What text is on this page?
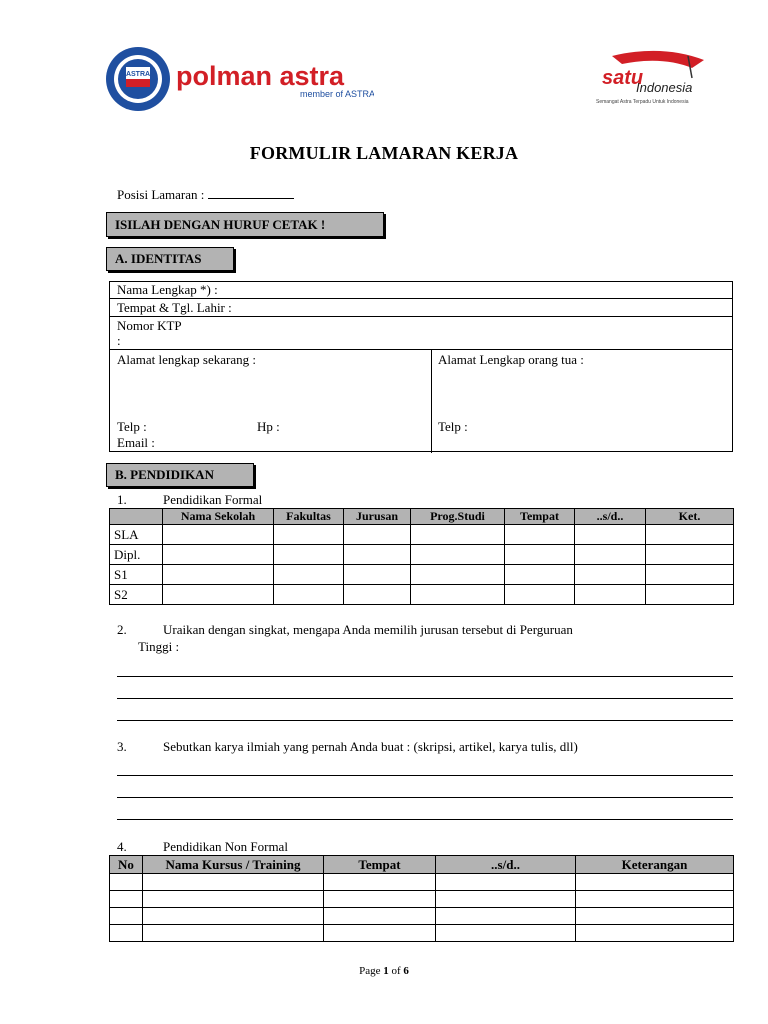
ASTRA polman astra
member of ASTRA
satu
Indonesia
Semangat Astra Terpadu Untuk Indonesia
FORMULIR LAMARAN KERJA
Posisi Lamaran :
ISILAH DENGAN HURUF CETAK !
A. IDENTITAS
Nama Lengkap *) :
Tempat & Tgl. Lahir :
Nomor KTP
:
Alamat lengkap sekarang :
Telp :	Hp :
Email :
Alamat Lengkap orang tua :
Telp :
B. PENDIDIKAN
1.	Pendidikan Formal
	Nama Sekolah	Fakultas	Jurusan	Prog.Studi	Tempat	..s/d..	Ket.
SLA							
Dipl.							
S1							
S2							
2.	Uraikan dengan singkat, mengapa Anda memilih jurusan tersebut di Perguruan
Tinggi :
3.	Sebutkan karya ilmiah yang pernah Anda buat : (skripsi, artikel, karya tulis, dll)
4.	Pendidikan Non Formal
No	Nama Kursus / Training	Tempat	..s/d..	Keterangan

Page 1 of 6
